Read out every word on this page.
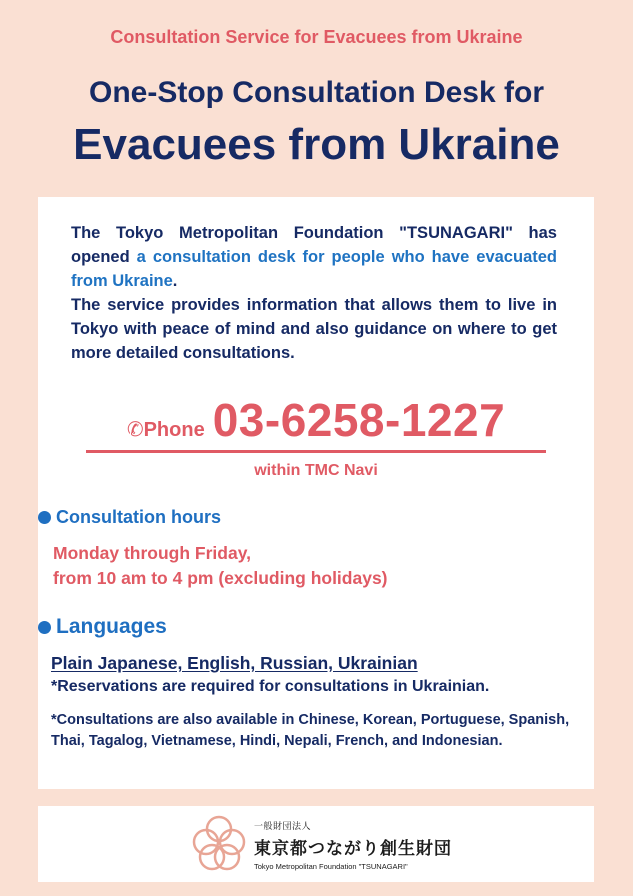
Consultation Service for Evacuees from Ukraine
One-Stop Consultation Desk for
Evacuees from Ukraine
The Tokyo Metropolitan Foundation "TSUNAGARI" has opened a consultation desk for people who have evacuated from Ukraine.
The service provides information that allows them to live in Tokyo with peace of mind and also guidance on where to get more detailed consultations.
✆ Phone 03-6258-1227
within TMC Navi
Consultation hours
Monday through Friday,
from 10 am to 4 pm (excluding holidays)
Languages
Plain Japanese, English, Russian, Ukrainian
*Reservations are required for consultations in Ukrainian.
*Consultations are also available in Chinese, Korean, Portuguese, Spanish, Thai, Tagalog, Vietnamese, Hindi, Nepali, French, and Indonesian.
一般財団法人
東京都つながり創生財団
Tokyo Metropolitan Foundation "TSUNAGARI"
